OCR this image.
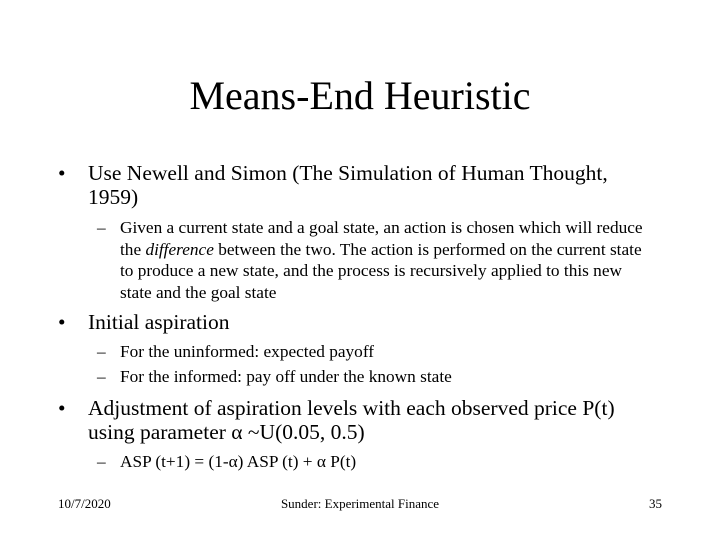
Means-End Heuristic
•	Use Newell and Simon (The Simulation of Human Thought, 1959)
– Given a current state and a goal state, an action is chosen which will reduce the difference between the two. The action is performed on the current state to produce a new state, and the process is recursively applied to this new state and the goal state
•	Initial aspiration
– For the uninformed: expected payoff
– For the informed: pay off under the known state
•	Adjustment of aspiration levels with each observed price P(t) using parameter α ~U(0.05, 0.5)
– ASP (t+1) = (1-α) ASP (t) + α P(t)
10/7/2020	Sunder: Experimental Finance	35
